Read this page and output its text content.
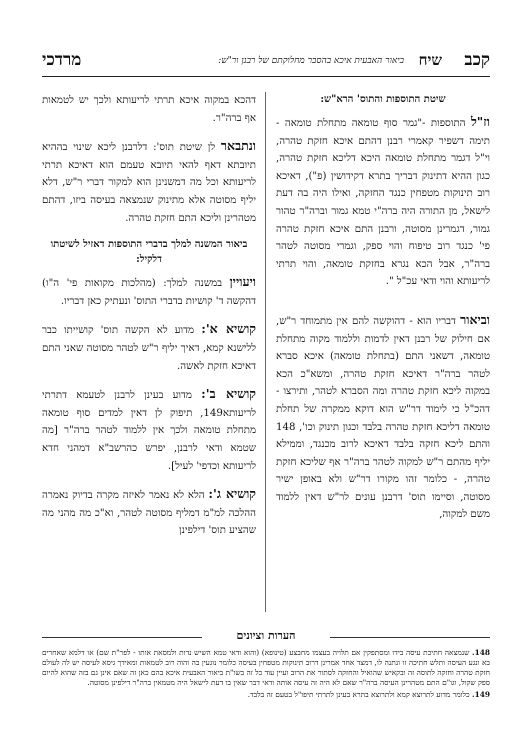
קכב
שיח
ביאור האבעית איכא בהסבר מחלוקתם של רבנן ור"ש:
מרדכי
שיטת התוספות והתוס' הרא"ש:

וז"ל התוספות -"גמר סוף טומאה מתחלת טומאה - תימה דשפיר קאמרי רבנן דהתם איכא חזקת טהרה, וי"ל דגמר מתחלת טומאה היכא דליכא חזקת טהרה, כגון ההיא דתינוק דבריך בתרא דקידושין (פ"), דאיכא רוב תינוקות מטפחין כנגד החזקה, ואילו היה בה דעת לישאל, מן התורה היה ברה"י טמא גמור וברה"ר טהור גמור, דגמרינן מסוטה, ורבנן התם איכא חזקת טהרה פי' כנגד רוב טיפוח והוי ספק, וגמרי מסוטה לטהר ברה"ר, אבל הכא נגרא בחזקת טומאה, והוי תרתי לריעותא והוי ודאי עכ"ל ".

ובי‎אור דבריו הוא - דהוקשה להם אין מתמוחד ר"ש, אם חילוק של רבנן דאין לדמות וללמוד מקוה מתחלת טומאה, דשאני התם (בתחלת טומאה) איכא סברא לטהר ברה"ר דאיכא חזקת טהרה, ומשא"כ הכא במקוה ליכא חזקת טהרה ומה הסברא לטהר, ותירצו - דהכ"ל כי לימוד דר"ש הוא דוקא ממקרה של תחלת טומאה דליכא חזקת טהרה בלבד וכגון תינוק וכו', 148 והתם ליכא חזקה בלבד דאיכא לרוב מכנגד, וממילא יליף מהתם ר"ש למקוה לטהר ברה"ר אף שליכא חזקת טהרה, - כלומר זהו מקורו דר"ש ולא באופן ישיר מסוטה, וסיימו תוס' דרבנן עונים לר"ש דאין ללמוד משם למקוה,

דהכא במקוה איכא תרתי לריעותא ולכך יש לטמאות אף ברה"ר.

ונתבאר לן שיטת תוס': דלרבנן ליכא שינוי בההיא תיובתא דאף להאי תיובא טעמם הוא דאיכא תרתי לריעותא וכל מה דמשנינן הוא למקור דברי ר"ש, דלא יליף מסוטה אלא מתינוק שנמצאה בעיסה ביזו, דהתם מטהרינן וליכא התם חזקת טהרה.

ביאור המשנה למלך בדברי התוספות דאזיל לשיטתו דלקיל:

ויעויין במשנה למלך: (מהלכות מקואות פי' ה"ו) דהקשה ד' קושיות בדברי התוס' ונעתיק כאן דבריו.

קושיא א': מדוע לא הקשה תוס' קושייתו כבר ללישנא קמא, דאיך יליף ר"ש לטהר מסוטה שאני התם דאיכא חזקת לאשה.

קושיא ב': מדוע בעינן לרבנן לטעמא דתרתי לריעותא149, תיפוק לן דאין למדים סוף טומאה מתחלת טומאה ולכך אין ללמוד לטהר ברה"ר [מה שטמא ודאי לרבנן, יפרש כהרשב"א דמהני חדא לריעותא וכדפי' לעיל].

קושיא ג': הלא לא נאמר לאיזה מקרה בדיוק נאמרה ההלכה למ"מ דמליף מסוטה לטהר, וא"כ מה מהני מה שהציע תוס' דילפינן

הערות וציונים

148. שנמצאה חתיכת עיסה בידו ומסתפקין אם תלויה בעצמו מחבצע (טינופא) (והוא ודאי טמא השיש נדות ולמסאת אותו - לפר"ת שם) או דלמא שאחרים בא ונגע העיסה ותלש חתיכה זו ונתנה לו, דמצד אחד אמרינן דרוב תינוקות מטפחין בעיסה כלומר נוגעין בה והוה רוב לטמאות ומאידך גיסא לעיסה יש לה לעולם חזקת טהרה וחזקה לתוסה זה ובקאיש שהואיל והחזקה לסתור את הרוב ועיין עוד כל זה בשו"ת ביאור האבעית איכא בהם כאן זה שאם אינן גם בזה שהוא להיום ספק שקול, וגו"ם התם מטהרינן העיסה ברה"ר שאם לא היה זה עיסה אותה ודאי דבר שאין בו דעת לישאל היה מטמאין ברה"ר דילפינן מסוטה.

149. כלומר מדוע לתרוצא קמא ולתרוצא בתרא בעינן לתרתי תיפו"ל בטעם זה בלבד.
